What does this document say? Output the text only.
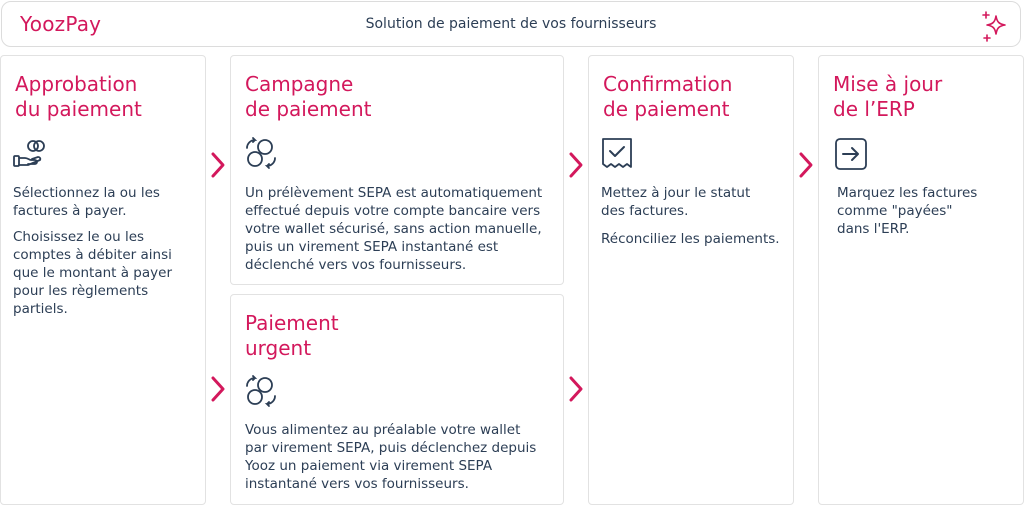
YoozPay	Solution de paiement de vos fournisseurs
Approbation
du paiement
Sélectionnez la ou les
factures à payer.
Choisissez le ou les
comptes à débiter ainsi
que le montant à payer
pour les règlements
partiels.
Campagne
de paiement
Un prélèvement SEPA est automatiquement
effectué depuis votre compte bancaire vers
votre wallet sécurisé, sans action manuelle,
puis un virement SEPA instantané est
déclenché vers vos fournisseurs.
Paiement
urgent
Vous alimentez au préalable votre wallet
par virement SEPA, puis déclenchez depuis
Yooz un paiement via virement SEPA
instantané vers vos fournisseurs.
Confirmation
de paiement
Mettez à jour le statut
des factures.
Réconciliez les paiements.
Mise à jour
de l’ERP
Marquez les factures
comme "payées"
dans l'ERP.
